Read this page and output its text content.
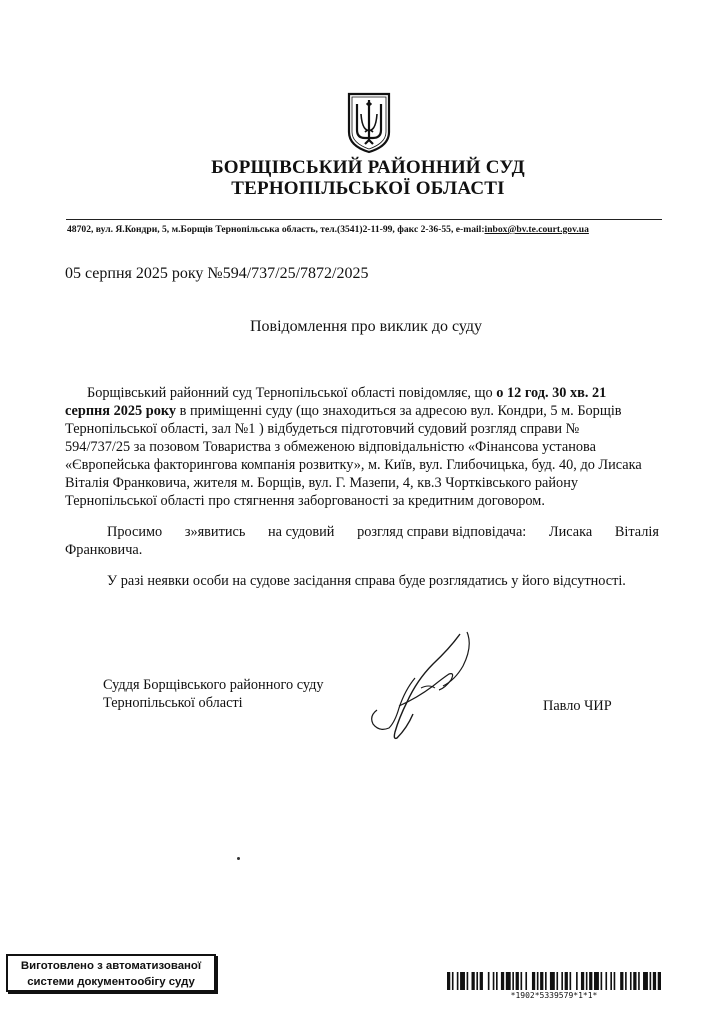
БОРЩІВСЬКИЙ РАЙОННИЙ СУД
ТЕРНОПІЛЬСЬКОЇ ОБЛАСТІ
48702, вул. Я.Кондри, 5, м.Борщів Тернопільська область, тел.(3541)2-11-99, факс 2-36-55, e-mail:inbox@bv.te.court.gov.ua
05 серпня 2025 року №594/737/25/7872/2025
Повідомлення про виклик до суду
Борщівський районний суд Тернопільської області повідомляє, що о 12 год. 30 хв. 21
серпня 2025 року в приміщенні суду (що знаходиться за адресою вул. Кондри, 5 м. Борщів
Тернопільської області, зал №1 ) відбудеться підготовчий судовий розгляд справи №
594/737/25 за позовом Товариства з обмеженою відповідальністю «Фінансова установа
«Європейська факторингова компанія розвитку», м. Київ, вул. Глибочицька, буд. 40, до Лисака
Віталія Франковича, жителя м. Борщів, вул. Г. Мазепи, 4, кв.3 Чортківського району
Тернопільської області про стягнення заборгованості за кредитним договором.
Просимо з»явитись на судовий розгляд справи відповідача: Лисака Віталія
Франковича.
У разі неявки особи на судове засідання справа буде розглядатись у його відсутності.
Суддя Борщівського районного суду
Тернопільської області	Павло ЧИР
Виготовлено з автоматизованої
системи документообігу суду
*1902*5339579*1*1*
